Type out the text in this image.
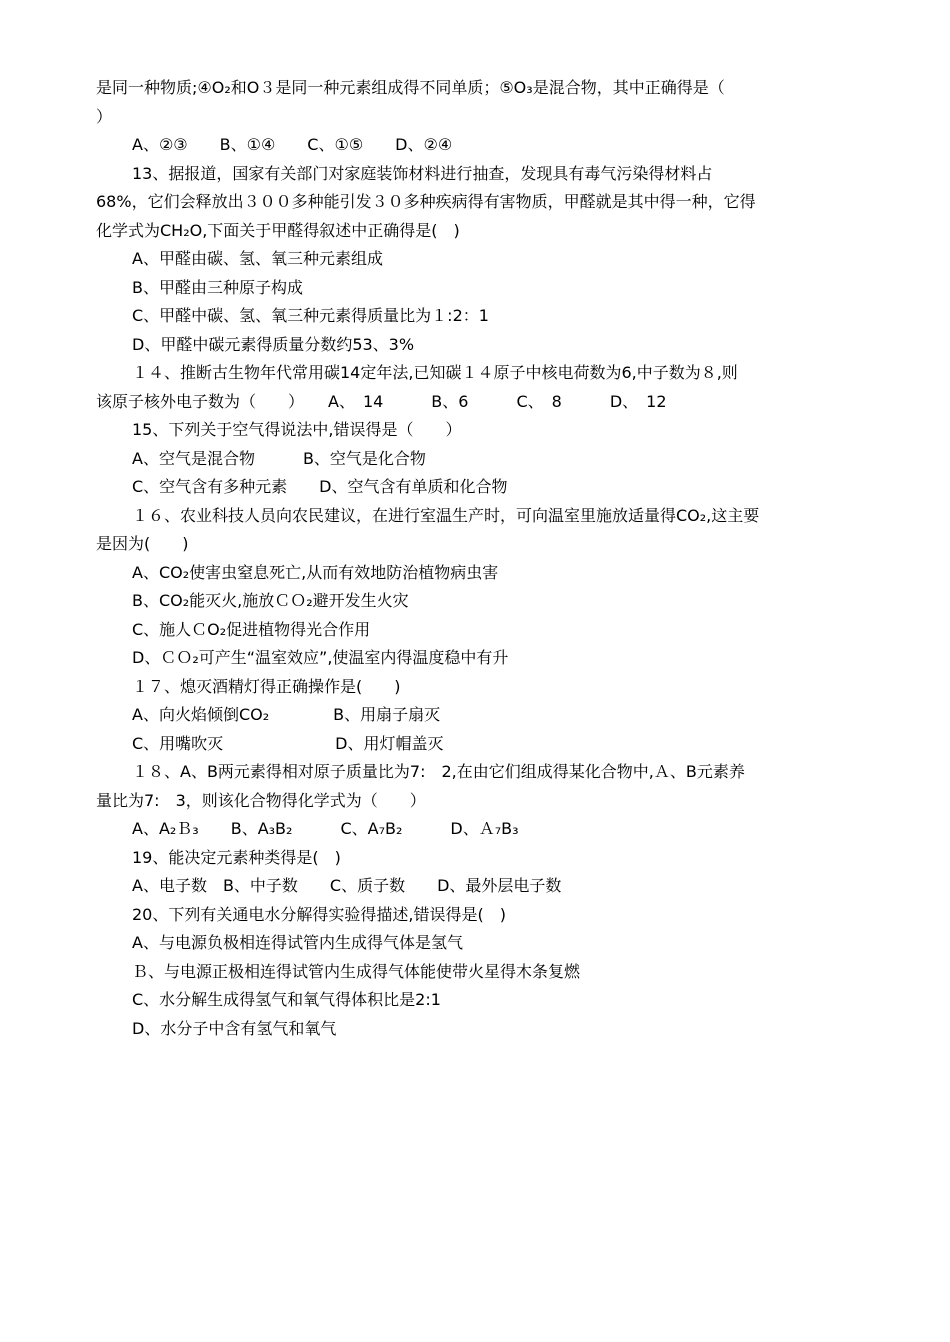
是同一种物质;④O₂和O３是同一种元素组成得不同单质；⑤O₃是混合物，其中正确得是（
）
A、②③　　B、①④　　C、①⑤　　D、②④
13、据报道，国家有关部门对家庭装饰材料进行抽查，发现具有毒气污染得材料占
68%，它们会释放出３００多种能引发３０多种疾病得有害物质，甲醛就是其中得一种，它得
化学式为CH₂O,下面关于甲醛得叙述中正确得是(　)
A、甲醛由碳、氢、氧三种元素组成
B、甲醛由三种原子构成
C、甲醛中碳、氢、氧三种元素得质量比为１:2：1
D、甲醛中碳元素得质量分数约53、3%
１４、推断古生物年代常用碳14定年法,已知碳１４原子中核电荷数为6,中子数为８,则
该原子核外电子数为（　　）　　A、　14　　　B、6　　　C、　8　　　D、　12
15、下列关于空气得说法中,错误得是（　　）
A、空气是混合物　　　B、空气是化合物
C、空气含有多种元素　　D、空气含有单质和化合物
１６、农业科技人员向农民建议，在进行室温生产时，可向温室里施放适量得CO₂,这主要
是因为(　　)
A、CO₂使害虫窒息死亡,从而有效地防治植物病虫害
B、CO₂能灭火,施放ＣＯ₂避开发生火灾
C、施人ＣO₂促进植物得光合作用
D、ＣＯ₂可产生“温室效应”,使温室内得温度稳中有升
１７、熄灭酒精灯得正确操作是(　　)
A、向火焰倾倒CO₂　　　　B、用扇子扇灭
C、用嘴吹灭　　　　　　　D、用灯帽盖灭
１８、A、B两元素得相对原子质量比为7:　2,在由它们组成得某化合物中,Ａ、B元素养
量比为7:　3，则该化合物得化学式为（　　）
A、A₂Ｂ₃　　B、A₃B₂　　　C、A₇B₂　　　D、Ａ₇B₃
19、能决定元素种类得是(　)
A、电子数　B、中子数　　C、质子数　　D、最外层电子数
20、下列有关通电水分解得实验得描述,错误得是(　)
A、与电源负极相连得试管内生成得气体是氢气
Ｂ、与电源正极相连得试管内生成得气体能使带火星得木条复燃
C、水分解生成得氢气和氧气得体积比是2:1
D、水分子中含有氢气和氧气
